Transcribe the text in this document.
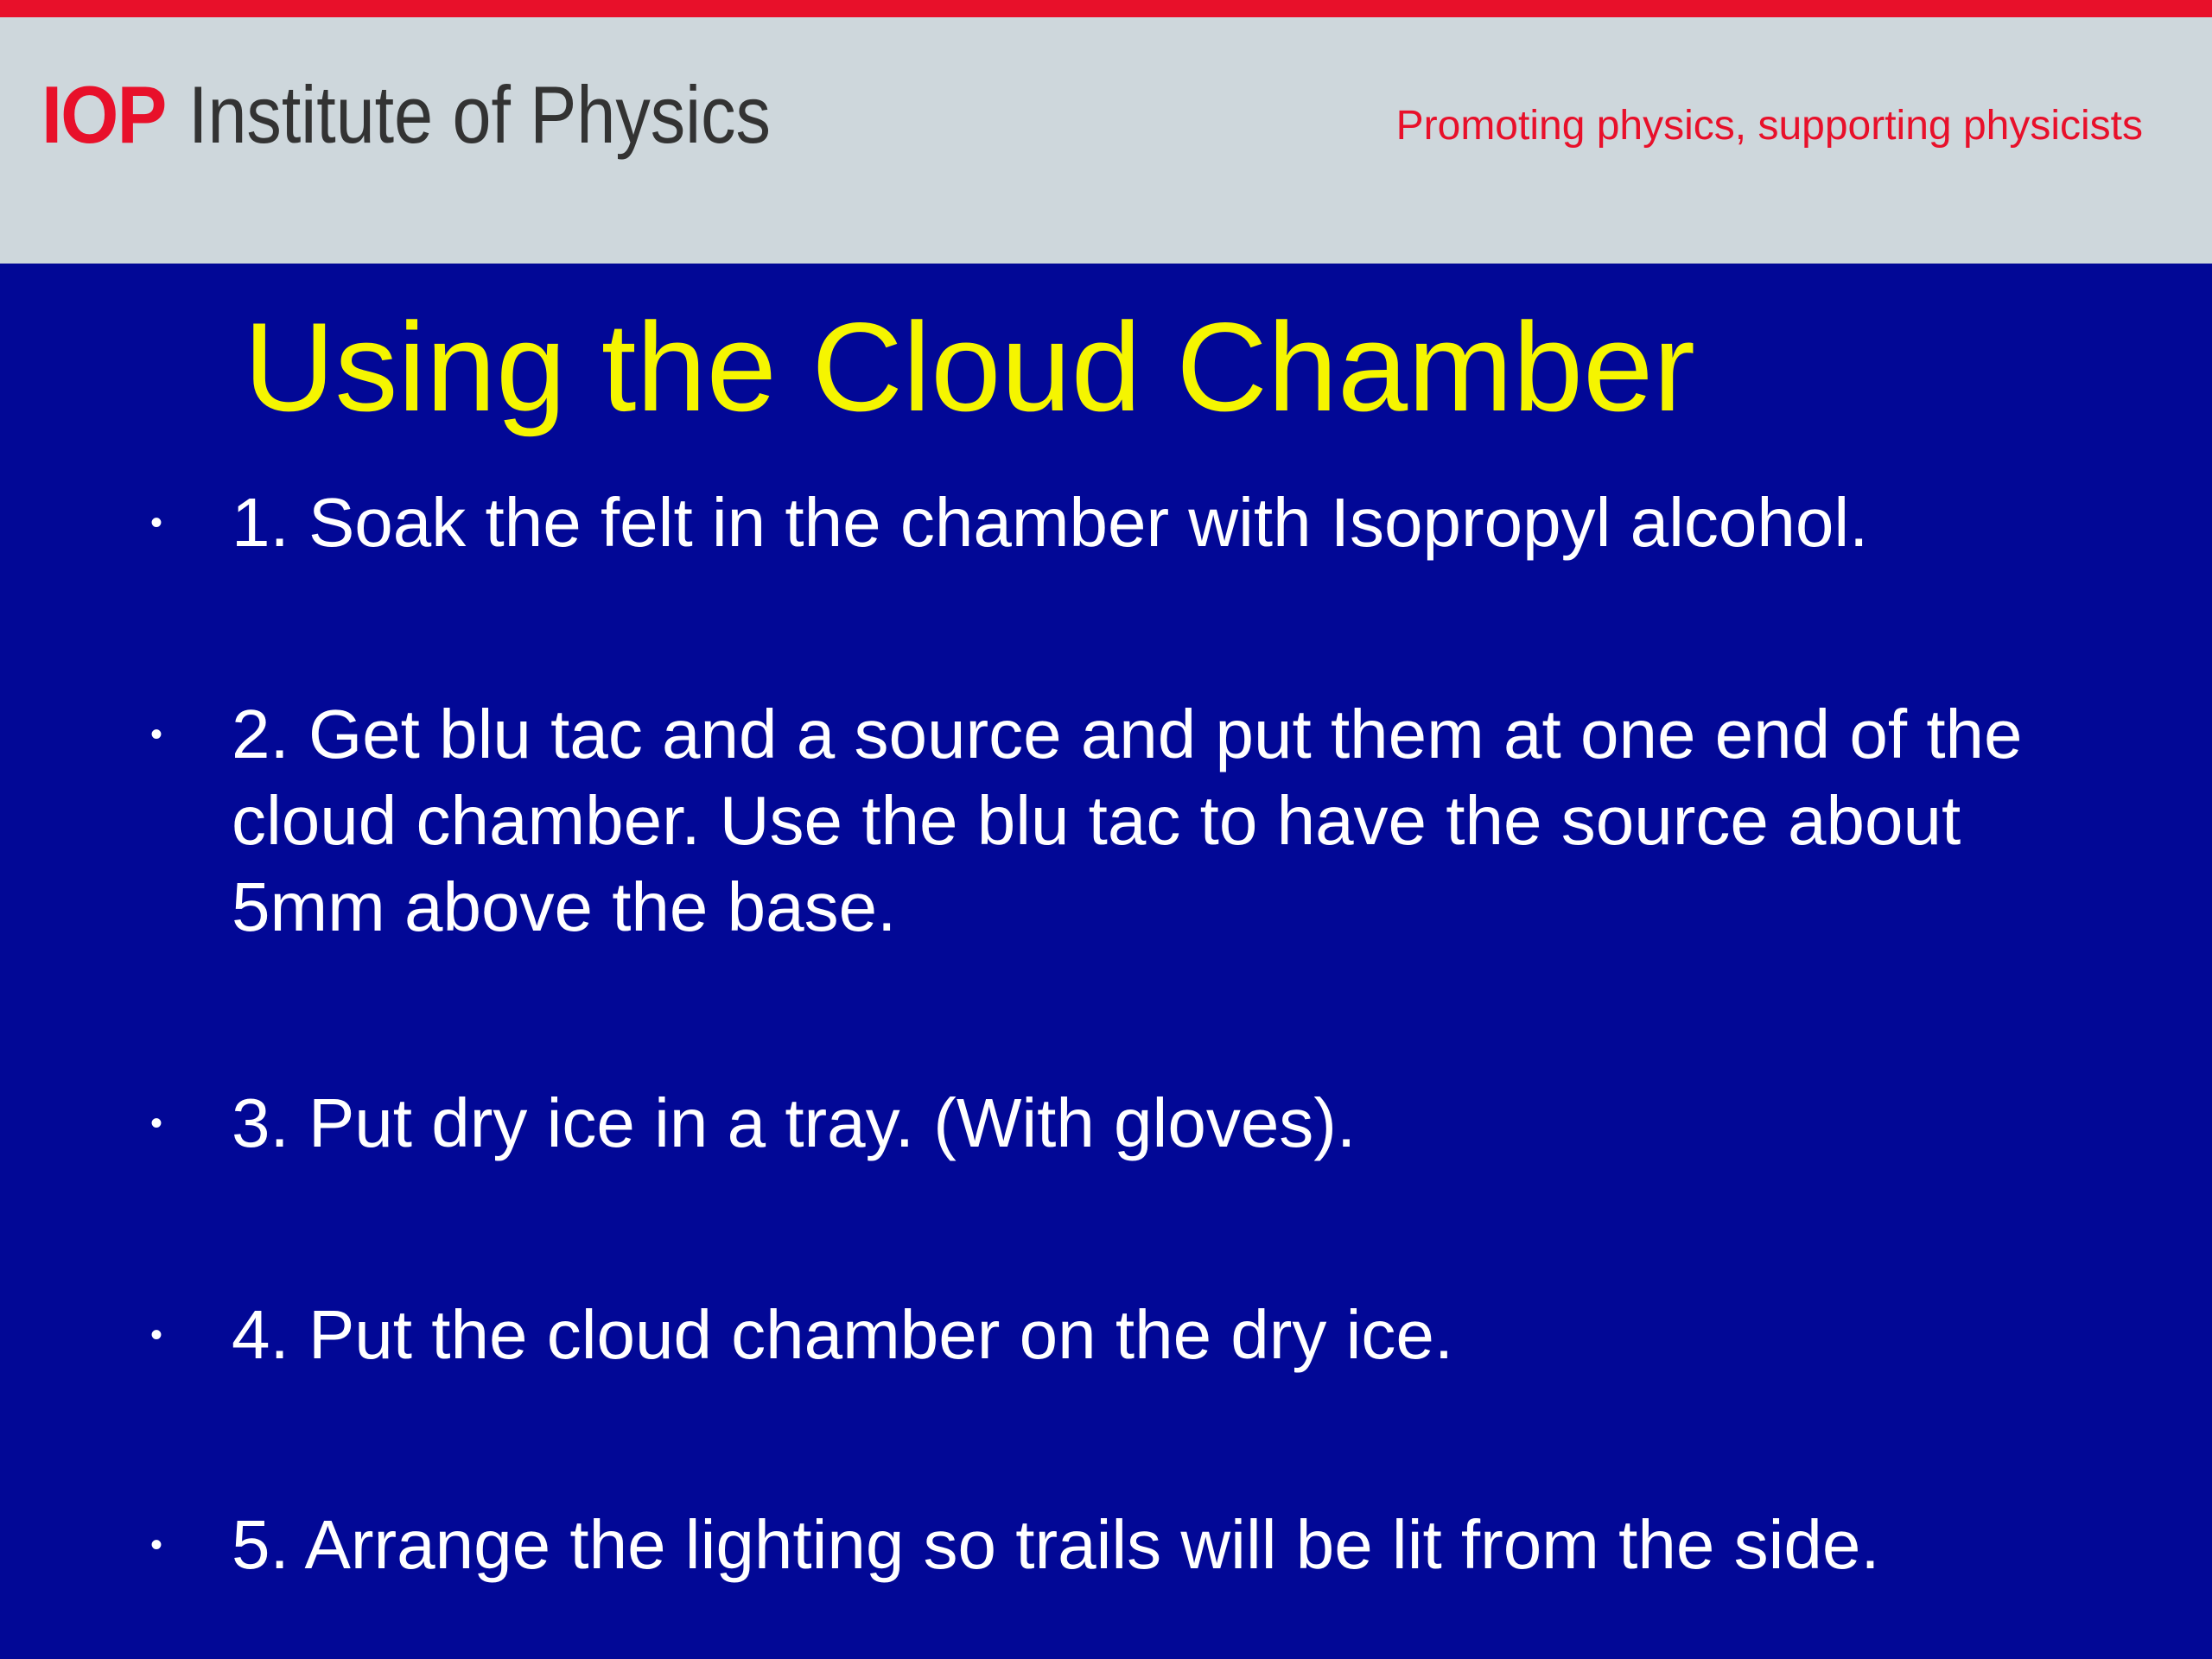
IOP Institute of Physics	Promoting physics, supporting physicists
Using the Cloud Chamber
• 1. Soak the felt in the chamber with Isopropyl alcohol.
• 2. Get blu tac and a source and put them at one end of the cloud chamber. Use the blu tac to have the source about 5mm above the base.
• 3. Put dry ice in a tray. (With gloves).
• 4. Put the cloud chamber on the dry ice.
• 5. Arrange the lighting so trails will be lit from the side.
